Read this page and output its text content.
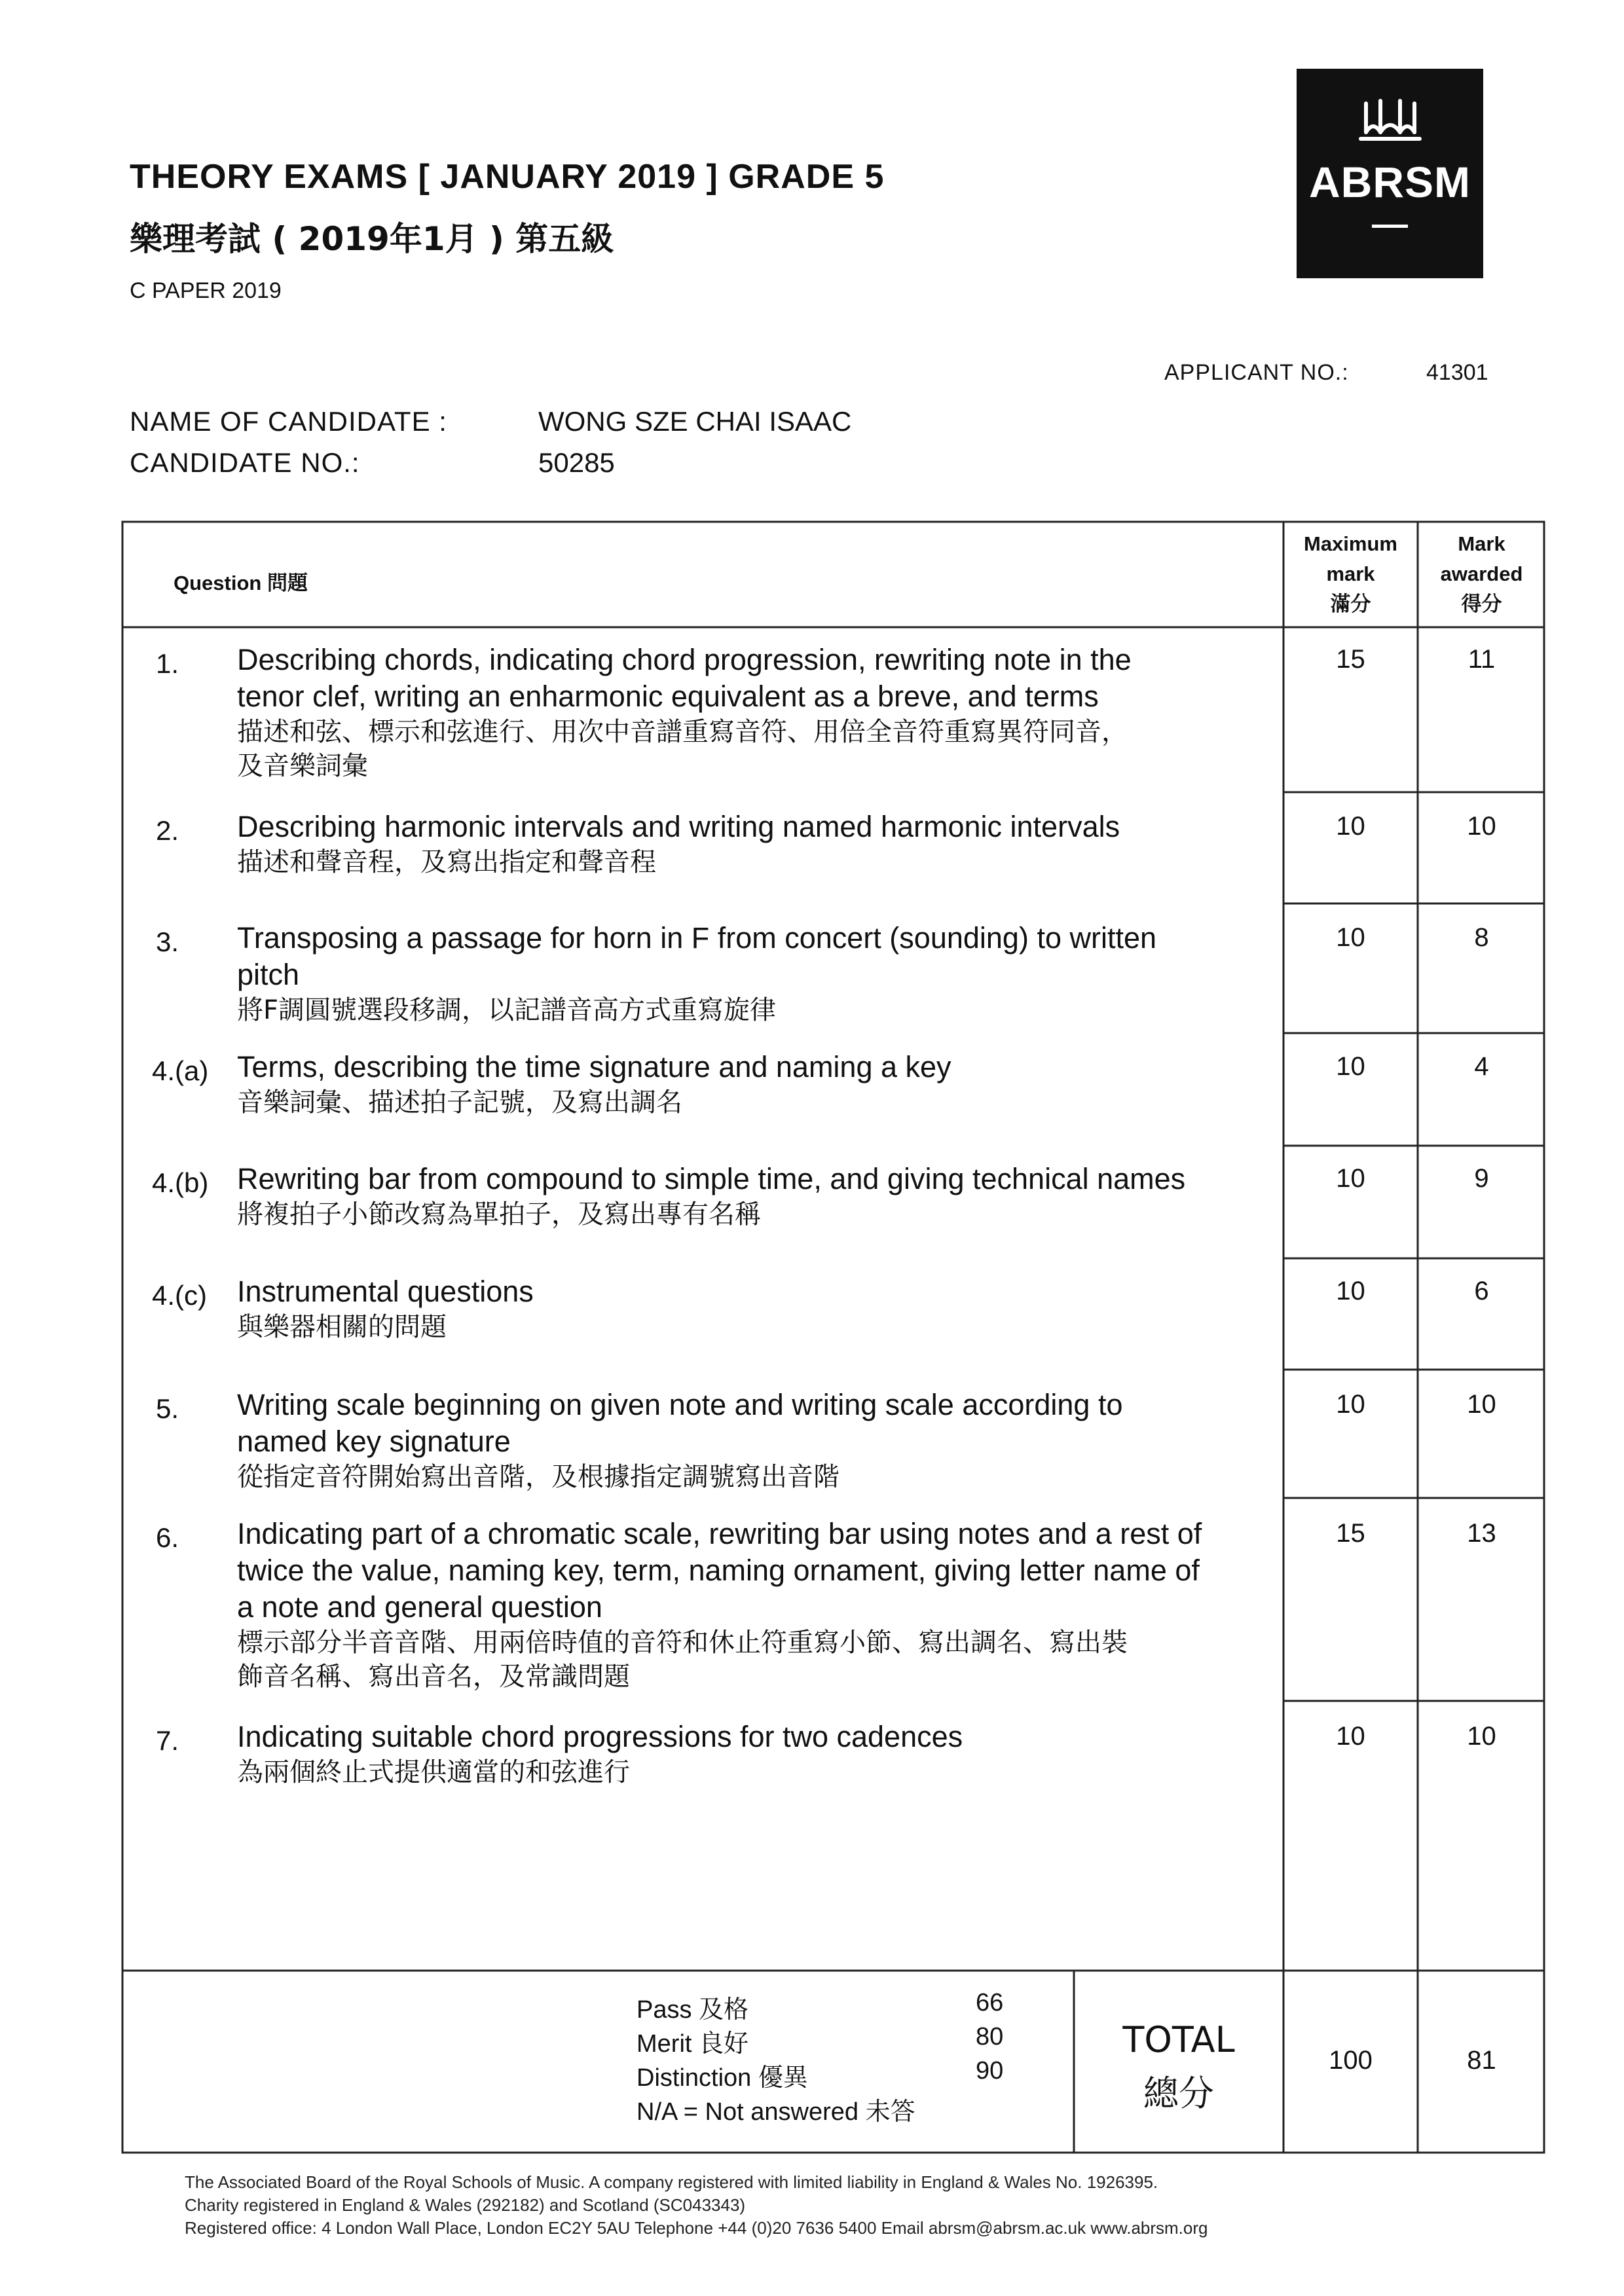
THEORY EXAMS [ JANUARY 2019 ] GRADE 5
樂理考試 ( 2019年1月 ) 第五級
C PAPER 2019
ABRSM
APPLICANT NO.:	41301
NAME OF CANDIDATE :	WONG SZE CHAI ISAAC
CANDIDATE NO.:	50285
Question 問題
Maximum
mark
滿分
Mark
awarded
得分
1. Describing chords, indicating chord progression, rewriting note in the
tenor clef, writing an enharmonic equivalent as a breve, and terms
描述和弦、標示和弦進行、用次中音譜重寫音符、用倍全音符重寫異符同音，
及音樂詞彙
15	11
2. Describing harmonic intervals and writing named harmonic intervals
描述和聲音程，及寫出指定和聲音程
10	10
3. Transposing a passage for horn in F from concert (sounding) to written
pitch
將F調圓號選段移調，以記譜音高方式重寫旋律
10	8
4.(a) Terms, describing the time signature and naming a key
音樂詞彙、描述拍子記號，及寫出調名
10	4
4.(b) Rewriting bar from compound to simple time, and giving technical names
將複拍子小節改寫為單拍子，及寫出專有名稱
10	9
4.(c) Instrumental questions
與樂器相關的問題
10	6
5. Writing scale beginning on given note and writing scale according to
named key signature
從指定音符開始寫出音階，及根據指定調號寫出音階
10	10
6. Indicating part of a chromatic scale, rewriting bar using notes and a rest of
twice the value, naming key, term, naming ornament, giving letter name of
a note and general question
標示部分半音音階、用兩倍時值的音符和休止符重寫小節、寫出調名、寫出裝
飾音名稱、寫出音名，及常識問題
15	13
7. Indicating suitable chord progressions for two cadences
為兩個終止式提供適當的和弦進行
10	10
Pass 及格	66
Merit 良好	80
Distinction 優異	90
N/A = Not answered 未答
TOTAL
總分
100	81
The Associated Board of the Royal Schools of Music. A company registered with limited liability in England & Wales No. 1926395.
Charity registered in England & Wales (292182) and Scotland (SC043343)
Registered office: 4 London Wall Place, London EC2Y 5AU Telephone +44 (0)20 7636 5400 Email abrsm@abrsm.ac.uk www.abrsm.org
